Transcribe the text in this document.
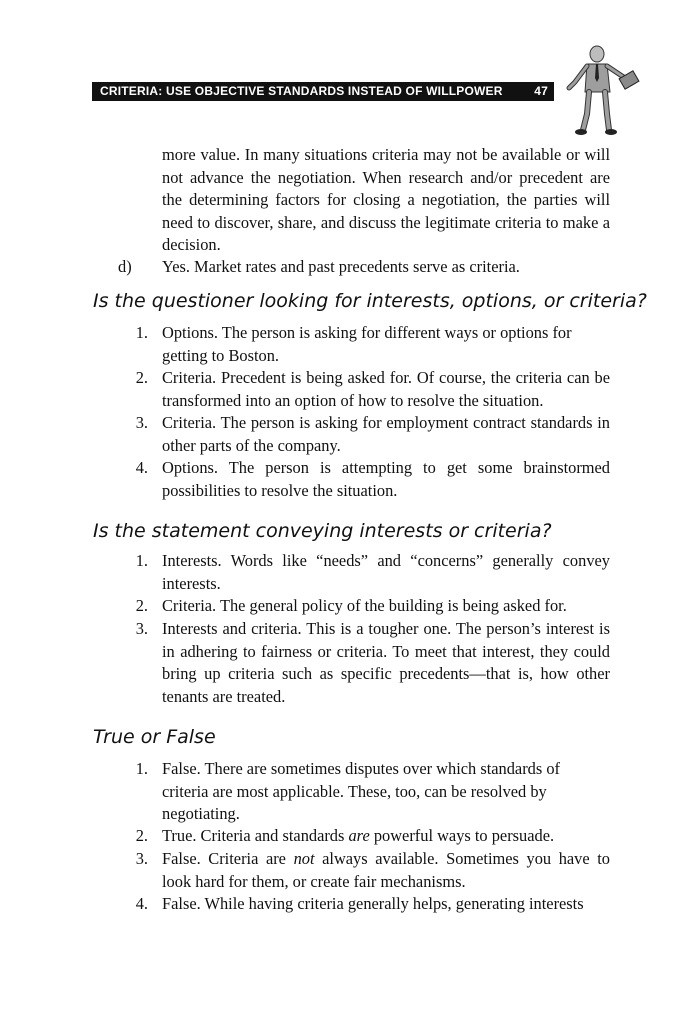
CRITERIA: USE OBJECTIVE STANDARDS INSTEAD OF WILLPOWER	47
more value. In many situations criteria may not be available or will not advance the negotiation. When research and/or precedent are the determining factors for closing a negotiation, the parties will need to discover, share, and discuss the legitimate criteria to make a decision.
d)	Yes. Market rates and past precedents serve as criteria.
Is the questioner looking for interests, options, or criteria?
1. Options. The person is asking for different ways or options for getting to Boston.
2. Criteria. Precedent is being asked for. Of course, the criteria can be transformed into an option of how to resolve the situation.
3. Criteria. The person is asking for employment contract standards in other parts of the company.
4. Options. The person is attempting to get some brainstormed possibilities to resolve the situation.
Is the statement conveying interests or criteria?
1. Interests. Words like “needs” and “concerns” generally convey interests.
2. Criteria. The general policy of the building is being asked for.
3. Interests and criteria. This is a tougher one. The person’s interest is in adhering to fairness or criteria. To meet that interest, they could bring up criteria such as specific precedents—that is, how other tenants are treated.
True or False
1. False. There are sometimes disputes over which standards of criteria are most applicable. These, too, can be resolved by negotiating.
2. True. Criteria and standards are powerful ways to persuade.
3. False. Criteria are not always available. Sometimes you have to look hard for them, or create fair mechanisms.
4. False. While having criteria generally helps, generating interests
